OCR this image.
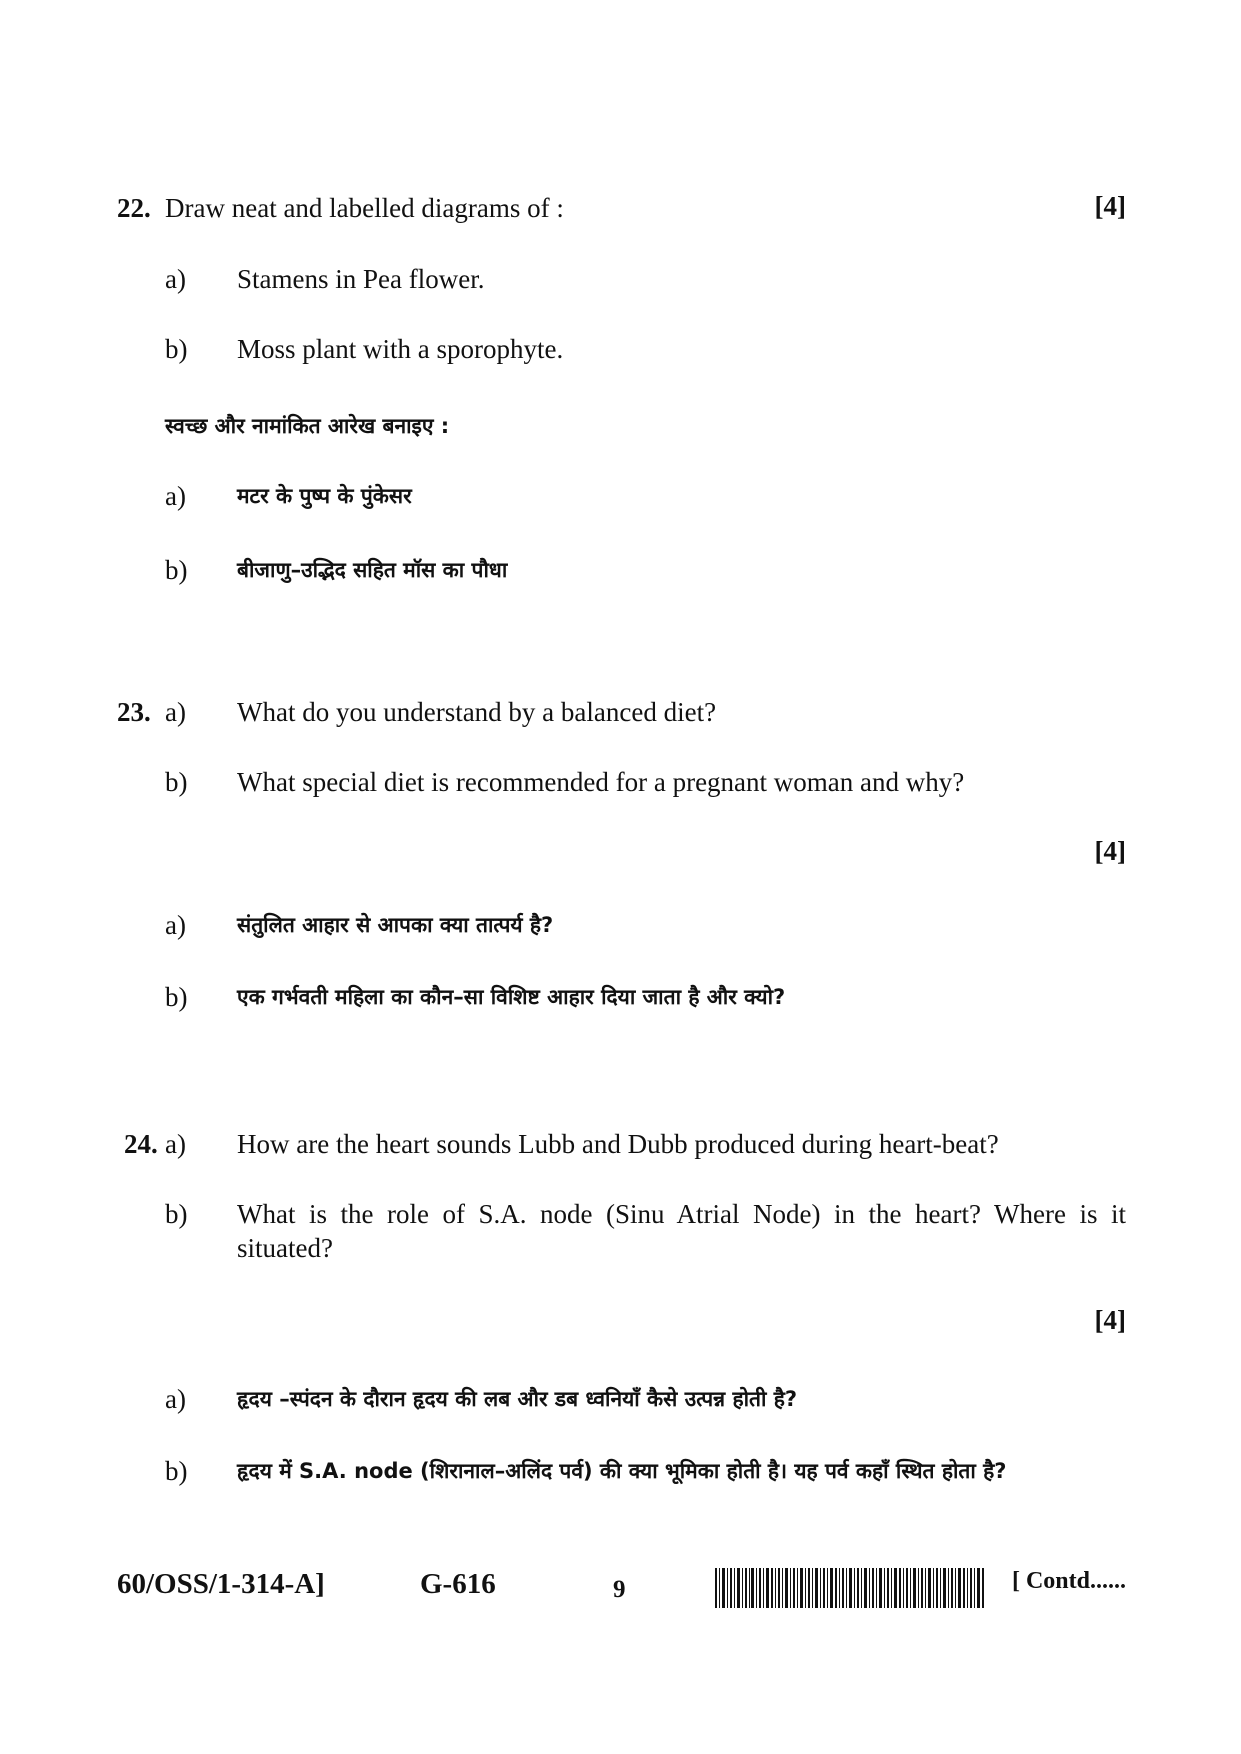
22. Draw neat and labelled diagrams of :	[4]
a) Stamens in Pea flower.
b) Moss plant with a sporophyte.
स्वच्छ और नामांकित आरेख बनाइए :
a) मटर के पुष्प के पुंकेसर
b) बीजाणु–उद्भिद सहित मॉस का पौधा
23. a) What do you understand by a balanced diet?
b) What special diet is recommended for a pregnant woman and why?
[4]
a) संतुलित आहार से आपका क्या तात्पर्य है?
b) एक गर्भवती महिला का कौन–सा विशिष्ट आहार दिया जाता है और क्यो?
24. a) How are the heart sounds Lubb and Dubb produced during heart-beat?
b) What is the role of S.A. node (Sinu Atrial Node) in the heart? Where is it situated?
[4]
a) हृदय –स्पंदन के दौरान हृदय की लब और डब ध्वनियाँ कैसे उत्पन्न होती है?
b) हृदय में S.A. node (शिरानाल–अलिंद पर्व) की क्या भूमिका होती है। यह पर्व कहाँ स्थित होता है?
60/OSS/1-314-A]	G-616	9	[ Contd......
